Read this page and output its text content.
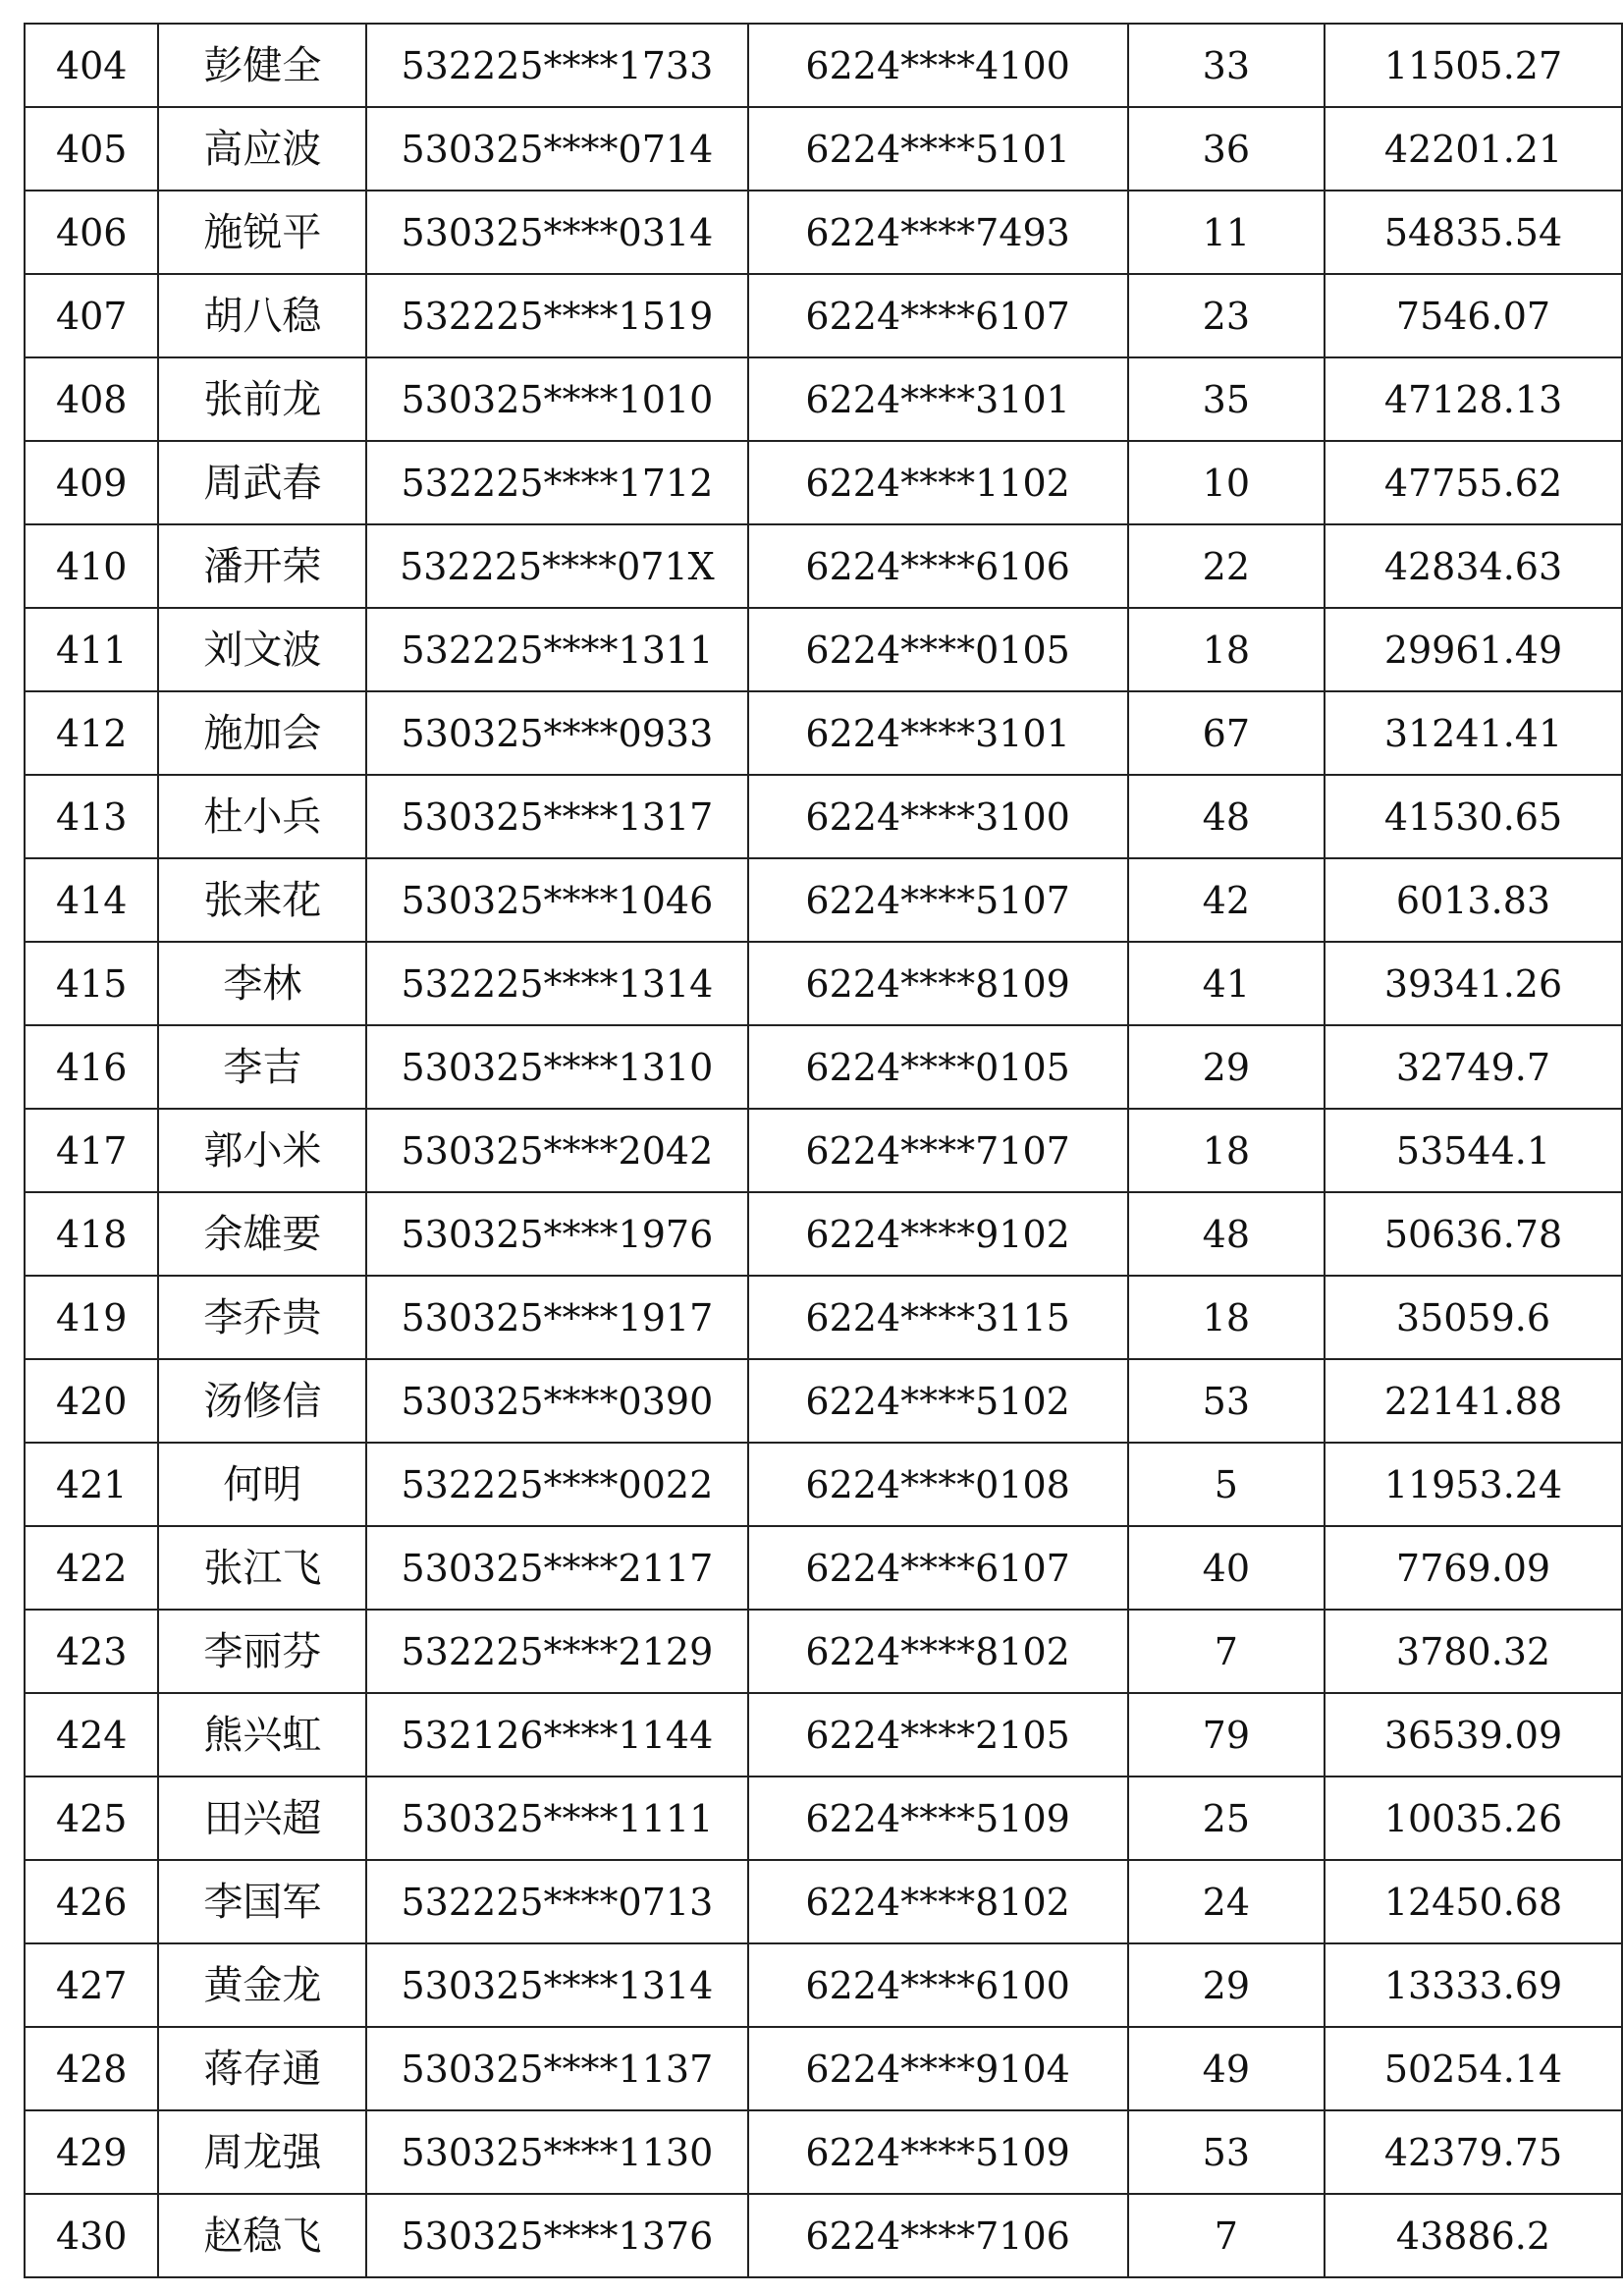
404	彭健全	532225****1733	6224****4100	33	11505.27
405	高应波	530325****0714	6224****5101	36	42201.21
406	施锐平	530325****0314	6224****7493	11	54835.54
407	胡八稳	532225****1519	6224****6107	23	7546.07
408	张前龙	530325****1010	6224****3101	35	47128.13
409	周武春	532225****1712	6224****1102	10	47755.62
410	潘开荣	532225****071X	6224****6106	22	42834.63
411	刘文波	532225****1311	6224****0105	18	29961.49
412	施加会	530325****0933	6224****3101	67	31241.41
413	杜小兵	530325****1317	6224****3100	48	41530.65
414	张来花	530325****1046	6224****5107	42	6013.83
415	李林	532225****1314	6224****8109	41	39341.26
416	李吉	530325****1310	6224****0105	29	32749.7
417	郭小米	530325****2042	6224****7107	18	53544.1
418	余雄要	530325****1976	6224****9102	48	50636.78
419	李乔贵	530325****1917	6224****3115	18	35059.6
420	汤修信	530325****0390	6224****5102	53	22141.88
421	何明	532225****0022	6224****0108	5	11953.24
422	张江飞	530325****2117	6224****6107	40	7769.09
423	李丽芬	532225****2129	6224****8102	7	3780.32
424	熊兴虹	532126****1144	6224****2105	79	36539.09
425	田兴超	530325****1111	6224****5109	25	10035.26
426	李国军	532225****0713	6224****8102	24	12450.68
427	黄金龙	530325****1314	6224****6100	29	13333.69
428	蒋存通	530325****1137	6224****9104	49	50254.14
429	周龙强	530325****1130	6224****5109	53	42379.75
430	赵稳飞	530325****1376	6224****7106	7	43886.2
